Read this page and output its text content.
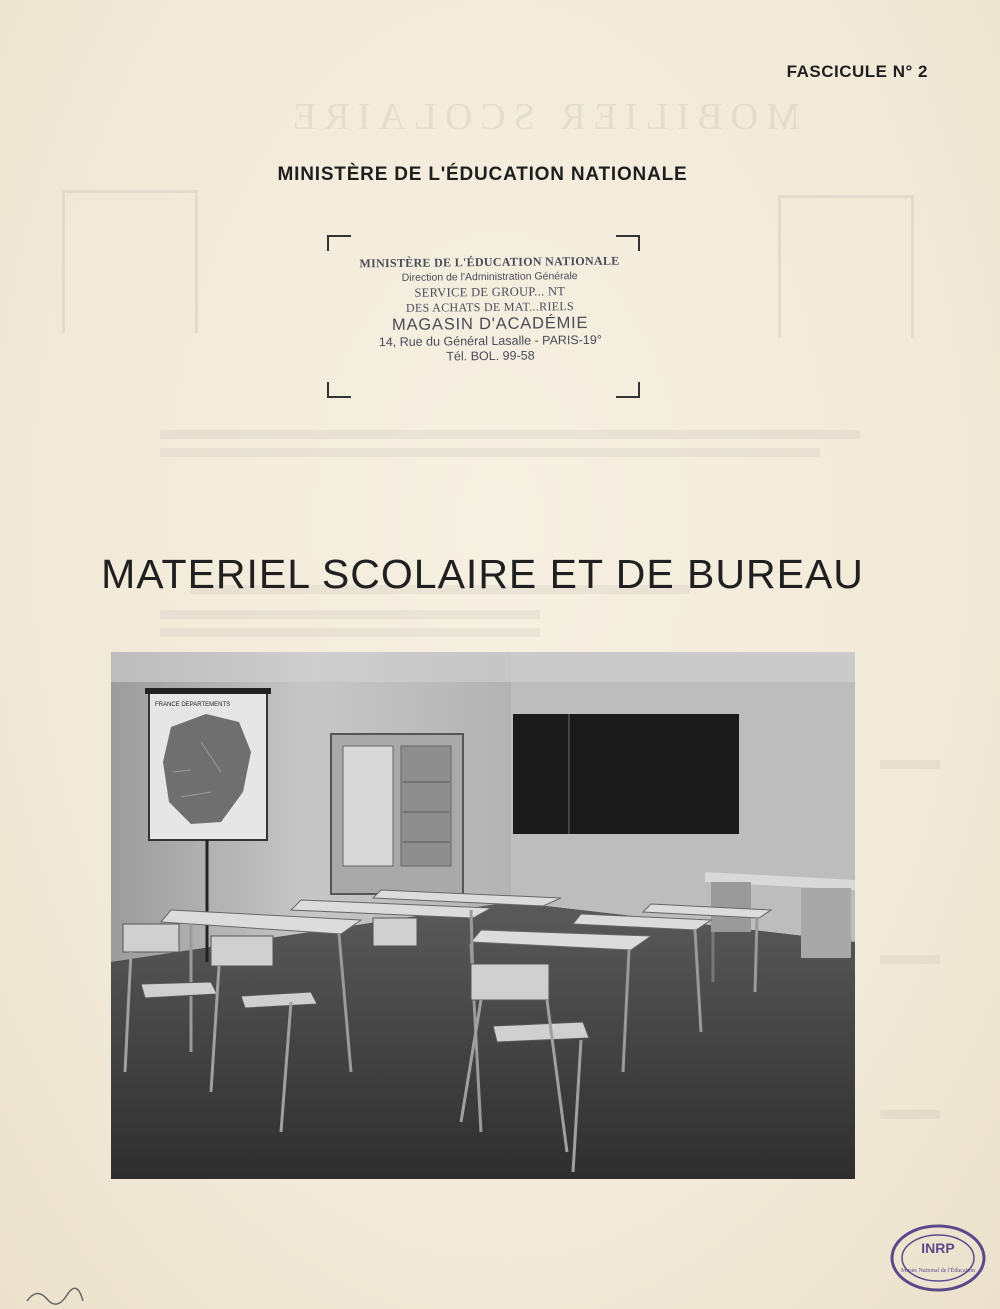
MOBILIER SCOLAIRE
FASCICULE N° 2
MINISTÈRE DE L'ÉDUCATION NATIONALE
MINISTÈRE DE L'ÉDUCATION NATIONALE
Direction de l'Administration Générale
SERVICE DE GROUP... NT
DES ACHATS DE MAT...RIELS
MAGASIN D'ACADÉMIE
14, Rue du Général Lasalle - PARIS-19°
Tél. BOL. 99-58
MATERIEL SCOLAIRE ET DE BUREAU
FRANCE DEPARTEMENTS
INRP
Musée National de l'Éducation
